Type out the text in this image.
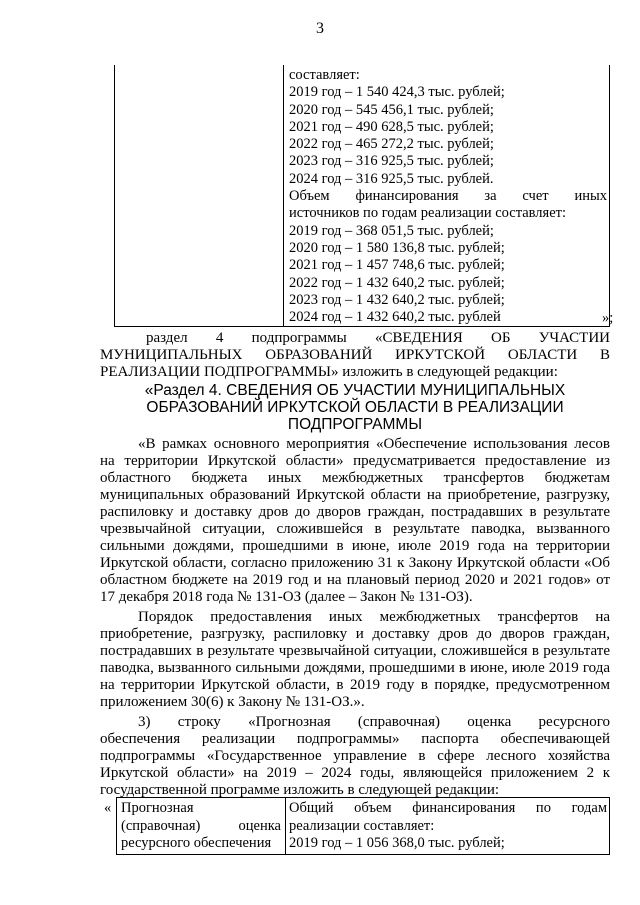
3
составляет:
2019 год – 1 540 424,3 тыс. рублей;
2020 год – 545 456,1 тыс. рублей;
2021 год – 490 628,5 тыс. рублей;
2022 год – 465 272,2 тыс. рублей;
2023 год – 316 925,5 тыс. рублей;
2024 год – 316 925,5 тыс. рублей.
Объем финансирования за счет иных
источников по годам реализации составляет:
2019 год – 368 051,5 тыс. рублей;
2020 год – 1 580 136,8 тыс. рублей;
2021 год – 1 457 748,6 тыс. рублей;
2022 год – 1 432 640,2 тыс. рублей;
2023 год – 1 432 640,2 тыс. рублей;
2024 год – 1 432 640,2 тыс. рублей	»;
раздел 4 подпрограммы «СВЕДЕНИЯ ОБ УЧАСТИИ
МУНИЦИПАЛЬНЫХ ОБРАЗОВАНИЙ ИРКУТСКОЙ ОБЛАСТИ В
РЕАЛИЗАЦИИ ПОДПРОГРАММЫ» изложить в следующей редакции:
«Раздел 4. СВЕДЕНИЯ ОБ УЧАСТИИ МУНИЦИПАЛЬНЫХ
ОБРАЗОВАНИЙ ИРКУТСКОЙ ОБЛАСТИ В РЕАЛИЗАЦИИ
ПОДПРОГРАММЫ
«В рамках основного мероприятия «Обеспечение использования лесов
на территории Иркутской области» предусматривается предоставление из
областного бюджета иных межбюджетных трансфертов бюджетам
муниципальных образований Иркутской области на приобретение, разгрузку,
распиловку и доставку дров до дворов граждан, пострадавших в результате
чрезвычайной ситуации, сложившейся в результате паводка, вызванного
сильными дождями, прошедшими в июне, июле 2019 года на территории
Иркутской области, согласно приложению 31 к Закону Иркутской области «Об
областном бюджете на 2019 год и на плановый период 2020 и 2021 годов» от
17 декабря 2018 года № 131-ОЗ (далее – Закон № 131-ОЗ).
Порядок предоставления иных межбюджетных трансфертов на
приобретение, разгрузку, распиловку и доставку дров до дворов граждан,
пострадавших в результате чрезвычайной ситуации, сложившейся в результате
паводка, вызванного сильными дождями, прошедшими в июне, июле 2019 года
на территории Иркутской области, в 2019 году в порядке, предусмотренном
приложением 30(6) к Закону № 131-ОЗ.».
3) строку «Прогнозная (справочная) оценка ресурсного
обеспечения реализации подпрограммы» паспорта обеспечивающей
подпрограммы «Государственное управление в сфере лесного хозяйства
Иркутской области» на 2019 – 2024 годы, являющейся приложением 2 к
государственной программе изложить в следующей редакции:
« Прогнозная
(справочная) оценка
ресурсного обеспечения
Общий объем финансирования по годам
реализации составляет:
2019 год – 1 056 368,0 тыс. рублей;
